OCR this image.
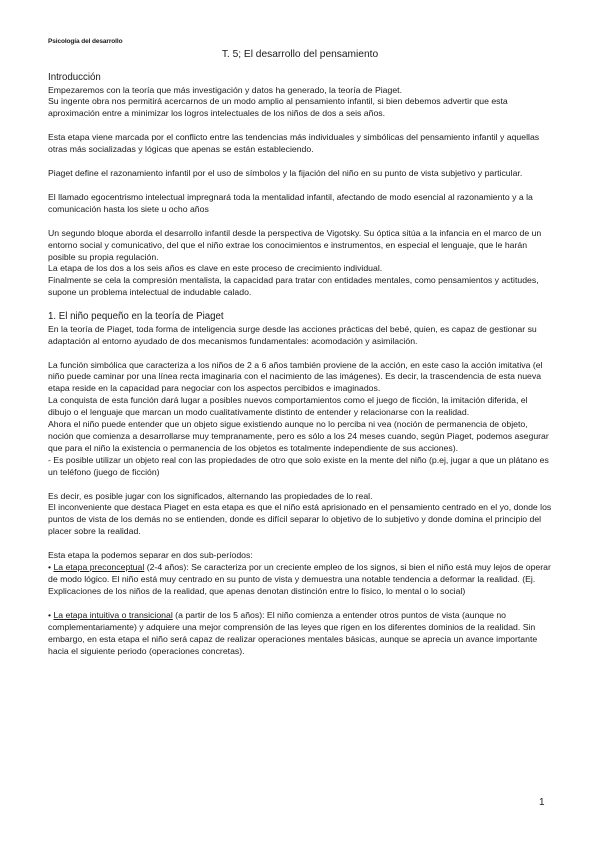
Psicología del desarrollo
T. 5; El desarrollo del pensamiento
Introducción

Empezaremos con la teoría que más investigación y datos ha generado, la teoría de Piaget.

Su ingente obra nos permitirá acercarnos de un modo amplio al pensamiento infantil, si bien debemos advertir que esta aproximación entre a minimizar los logros intelectuales de los niños de dos a seis años.

Esta etapa viene marcada por el conflicto entre las tendencias más individuales y simbólicas del pensamiento infantil y aquellas otras más socializadas y lógicas que apenas se están estableciendo.

Piaget define el razonamiento infantil por el uso de símbolos y la fijación del niño en su punto de vista subjetivo y particular.

El llamado egocentrismo intelectual impregnará toda la mentalidad infantil, afectando de modo esencial al razonamiento y a la comunicación hasta los siete u ocho años

Un segundo bloque aborda el desarrollo infantil desde la perspectiva de Vigotsky. Su óptica sitúa a la infancia en el marco de un entorno social y comunicativo, del que el niño extrae los conocimientos e instrumentos, en especial el lenguaje, que le harán posible su propia regulación.

La etapa de los dos a los seis años es clave en este proceso de crecimiento individual.

Finalmente se cela la compresión mentalista, la capacidad para tratar con entidades mentales, como pensamientos y actitudes, supone un problema intelectual de indudable calado.

1. El niño pequeño en la teoría de Piaget

En la teoría de Piaget, toda forma de inteligencia surge desde las acciones prácticas del bebé, quien, es capaz de gestionar su adaptación al entorno ayudado de dos mecanismos fundamentales: acomodación y asimilación.

La función simbólica que caracteriza a los niños de 2 a 6 años también proviene de la acción, en este caso la acción imitativa (el niño puede caminar por una línea recta imaginaria con el nacimiento de las imágenes). Es decir, la trascendencia de esta nueva etapa reside en la capacidad para negociar con los aspectos percibidos e imaginados.

La conquista de esta función dará lugar a posibles nuevos comportamientos como el juego de ficción, la imitación diferida, el dibujo o el lenguaje que marcan un modo cualitativamente distinto de entender y relacionarse con la realidad.

Ahora el niño puede entender que un objeto sigue existiendo aunque no lo perciba ni vea (noción de permanencia de objeto, noción que comienza a desarrollarse muy tempranamente, pero es sólo a los 24 meses cuando, según Piaget, podemos asegurar que para el niño la existencia o permanencia de los objetos es totalmente independiente de sus acciones).

- Es posible utilizar un objeto real con las propiedades de otro que solo existe en la mente del niño (p.ej, jugar a que un plátano es un teléfono (juego de ficción)

Es decir, es posible jugar con los significados, alternando las propiedades de lo real.

El inconveniente que destaca Piaget en esta etapa es que el niño está aprisionado en el pensamiento centrado en el yo, donde los puntos de vista de los demás no se entienden, donde es difícil separar lo objetivo de lo subjetivo y donde domina el principio del placer sobre la realidad.

Esta etapa la podemos separar en dos sub-períodos:

• La etapa preconceptual (2-4 años): Se caracteriza por un creciente empleo de los signos, si bien el niño está muy lejos de operar de modo lógico. El niño está muy centrado en su punto de vista y demuestra una notable tendencia a deformar la realidad. (Ej. Explicaciones de los niños de la realidad, que apenas denotan distinción entre lo físico, lo mental o lo social)

• La etapa intuitiva o transicional (a partir de los 5 años): El niño comienza a entender otros puntos de vista (aunque no complementariamente) y adquiere una mejor comprensión de las leyes que rigen en los diferentes dominios de la realidad. Sin embargo, en esta etapa el niño será capaz de realizar operaciones mentales básicas, aunque se aprecia un avance importante hacia el siguiente periodo (operaciones concretas).

1
